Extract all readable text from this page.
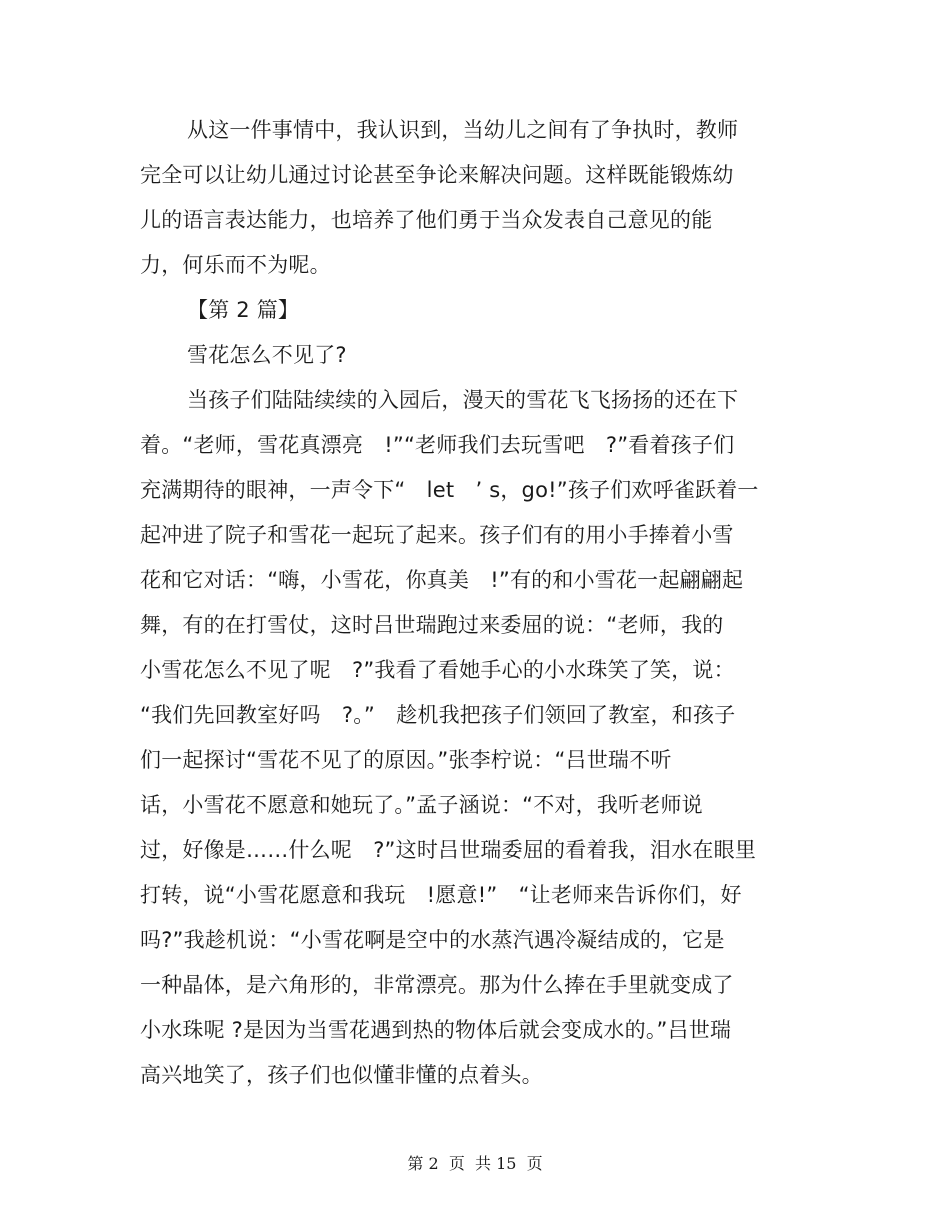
从这一件事情中，我认识到，当幼儿之间有了争执时，教师
完全可以让幼儿通过讨论甚至争论来解决问题。这样既能锻炼幼
儿的语言表达能力，也培养了他们勇于当众发表自己意见的能
力，何乐而不为呢。
【第 2 篇】
雪花怎么不见了?
当孩子们陆陆续续的入园后，漫天的雪花飞飞扬扬的还在下
着。“老师，雪花真漂亮　!”“老师我们去玩雪吧　?”看着孩子们
充满期待的眼神，一声令下“　let　’ s，go!”孩子们欢呼雀跃着一
起冲进了院子和雪花一起玩了起来。孩子们有的用小手捧着小雪
花和它对话：“嗨，小雪花，你真美　!”有的和小雪花一起翩翩起
舞，有的在打雪仗，这时吕世瑞跑过来委屈的说：“老师，我的
小雪花怎么不见了呢　?”我看了看她手心的小水珠笑了笑，说：
“我们先回教室好吗　?。”　趁机我把孩子们领回了教室，和孩子
们一起探讨“雪花不见了的原因。”张李柠说：“吕世瑞不听
话，小雪花不愿意和她玩了。”孟子涵说：“不对，我听老师说
过，好像是……什么呢　?”这时吕世瑞委屈的看着我，泪水在眼里
打转，说“小雪花愿意和我玩　!愿意!”　“让老师来告诉你们，好
吗?”我趁机说：“小雪花啊是空中的水蒸汽遇冷凝结成的，它是
一种晶体，是六角形的，非常漂亮。那为什么捧在手里就变成了
小水珠呢 ?是因为当雪花遇到热的物体后就会变成水的。”吕世瑞
高兴地笑了，孩子们也似懂非懂的点着头。
第 2  页  共 15  页
